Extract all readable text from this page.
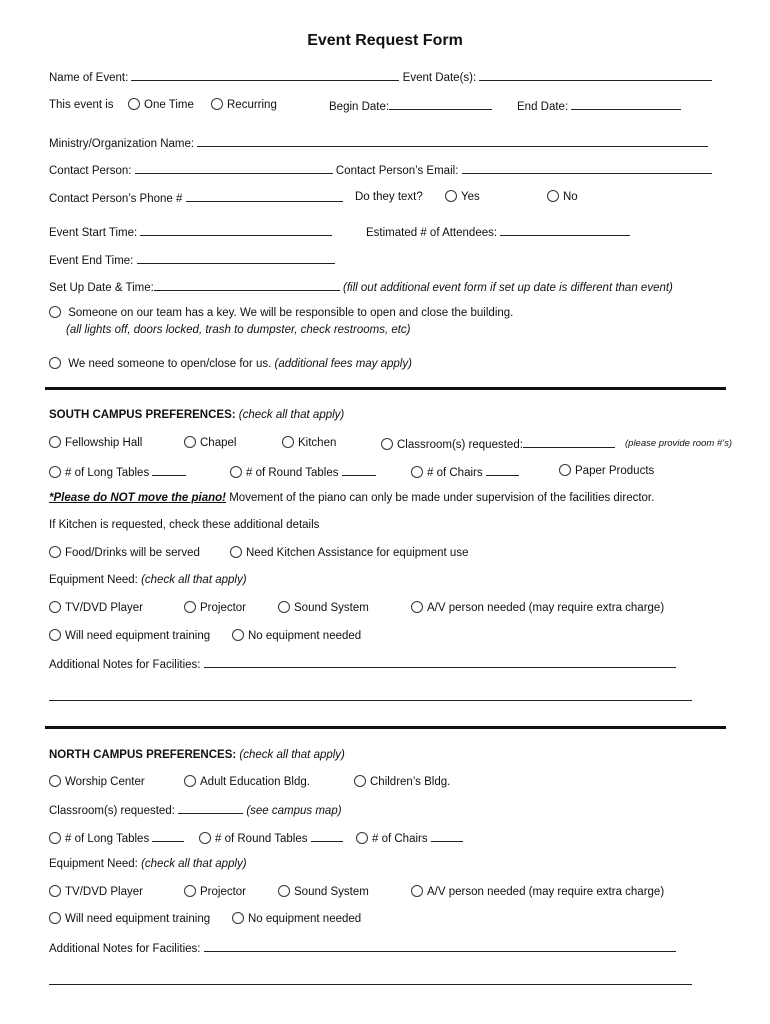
Event Request Form
Name of Event:	Event Date(s):
This event is	One Time	Recurring	Begin Date:	End Date:
Ministry/Organization Name:
Contact Person:	Contact Person’s Email:
Contact Person’s Phone #	Do they text?	Yes	No
Event Start Time:	Estimated # of Attendees:
Event End Time:
Set Up Date & Time:	(fill out additional event form if set up date is different than event)
Someone on our team has a key. We will be responsible to open and close the building.
(all lights off, doors locked, trash to dumpster, check restrooms, etc)
We need someone to open/close for us. (additional fees may apply)
SOUTH CAMPUS PREFERENCES: (check all that apply)
Fellowship Hall	Chapel	Kitchen	Classroom(s) requested:	(please provide room #’s)
# of Long Tables	# of Round Tables	# of Chairs	Paper Products
*Please do NOT move the piano! Movement of the piano can only be made under supervision of the facilities director.
If Kitchen is requested, check these additional details
Food/Drinks will be served	Need Kitchen Assistance for equipment use
Equipment Need: (check all that apply)
TV/DVD Player	Projector	Sound System	A/V person needed (may require extra charge)
Will need equipment training	No equipment needed
Additional Notes for Facilities:
NORTH CAMPUS PREFERENCES: (check all that apply)
Worship Center	Adult Education Bldg.	Children’s Bldg.
Classroom(s) requested:	(see campus map)
# of Long Tables	# of Round Tables	# of Chairs
Equipment Need: (check all that apply)
TV/DVD Player	Projector	Sound System	A/V person needed (may require extra charge)
Will need equipment training	No equipment needed
Additional Notes for Facilities:
